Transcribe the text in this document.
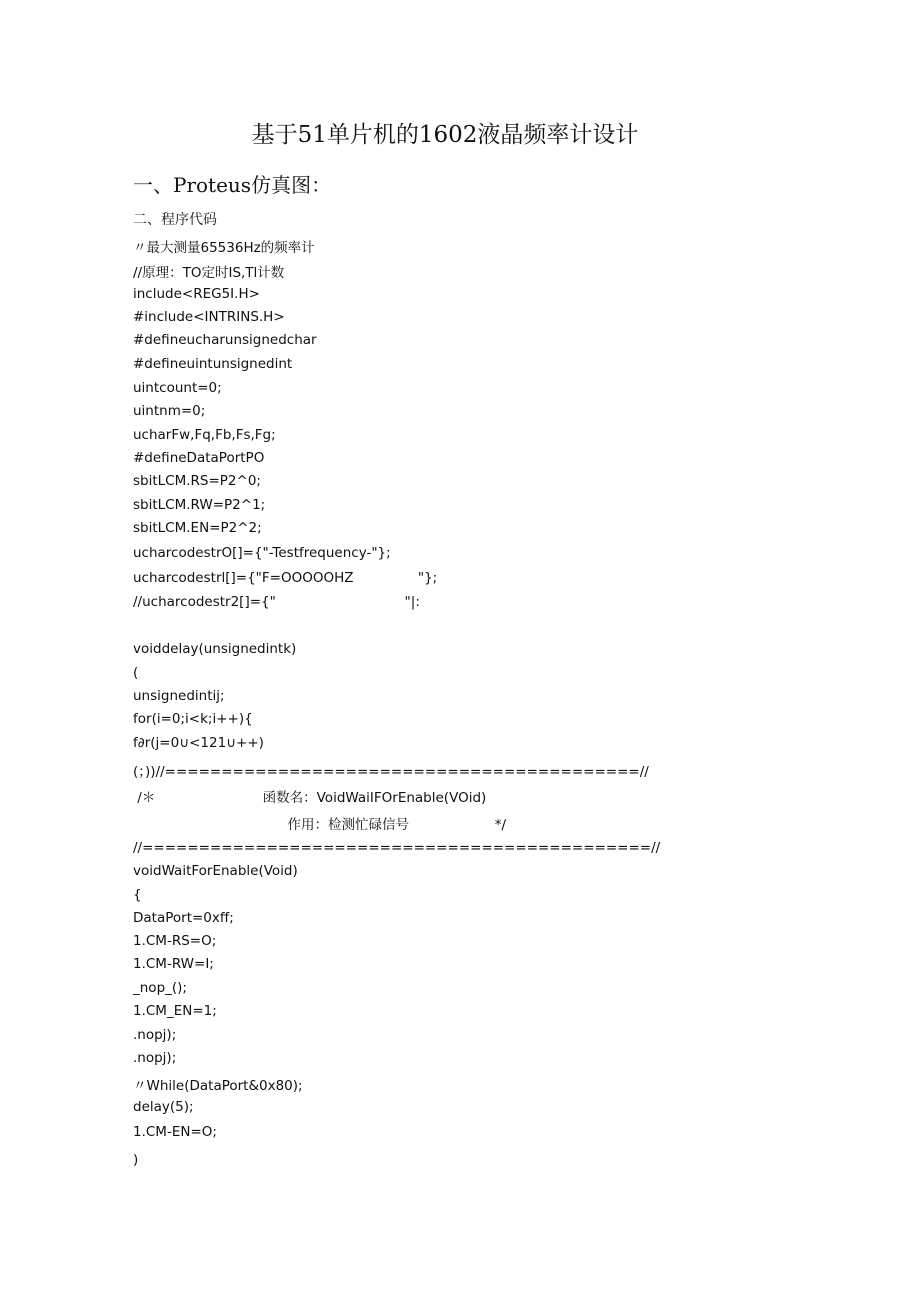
基于51单片机的1602液晶频率计设计
一、Proteus仿真图：
二、程序代码
〃最大测量65536Hz的频率计
//原理：TO定时IS,Tl计数
include<REG5I.H>
#include<INTRINS.H>
#defineucharunsignedchar
#defineuintunsignedint
uintcount=0;
uintnm=0;
ucharFw,Fq,Fb,Fs,Fg;
#defineDataPortPO
sbitLCM.RS=P2^0;
sbitLCM.RW=P2^1;
sbitLCM.EN=P2^2;
ucharcodestrO[]={"-Testfrequency-"};
ucharcodestrl[]={"F=OOOOOHZ               "};
//ucharcodestr2[]={"                              "|:
voiddelay(unsignedintk)
(
unsignedintij;
for(i=0;i<k;i++){
f∂r(j=0∪<121∪++)
(；))//==========================================//
/＊                         函数名：VoidWaiIFOrEnable(VOid)
作用：检测忙碌信号                    *∕
//=============================================//
voidWaitForEnable(Void)
{
DataPort=0xff;
1.CM-RS=O;
1.CM-RW=I;
_nop_();
1.CM_EN=1;
.nopj);
.nopj);
〃While(DataPort&0x80);
delay(5);
1.CM-EN=O;
)
